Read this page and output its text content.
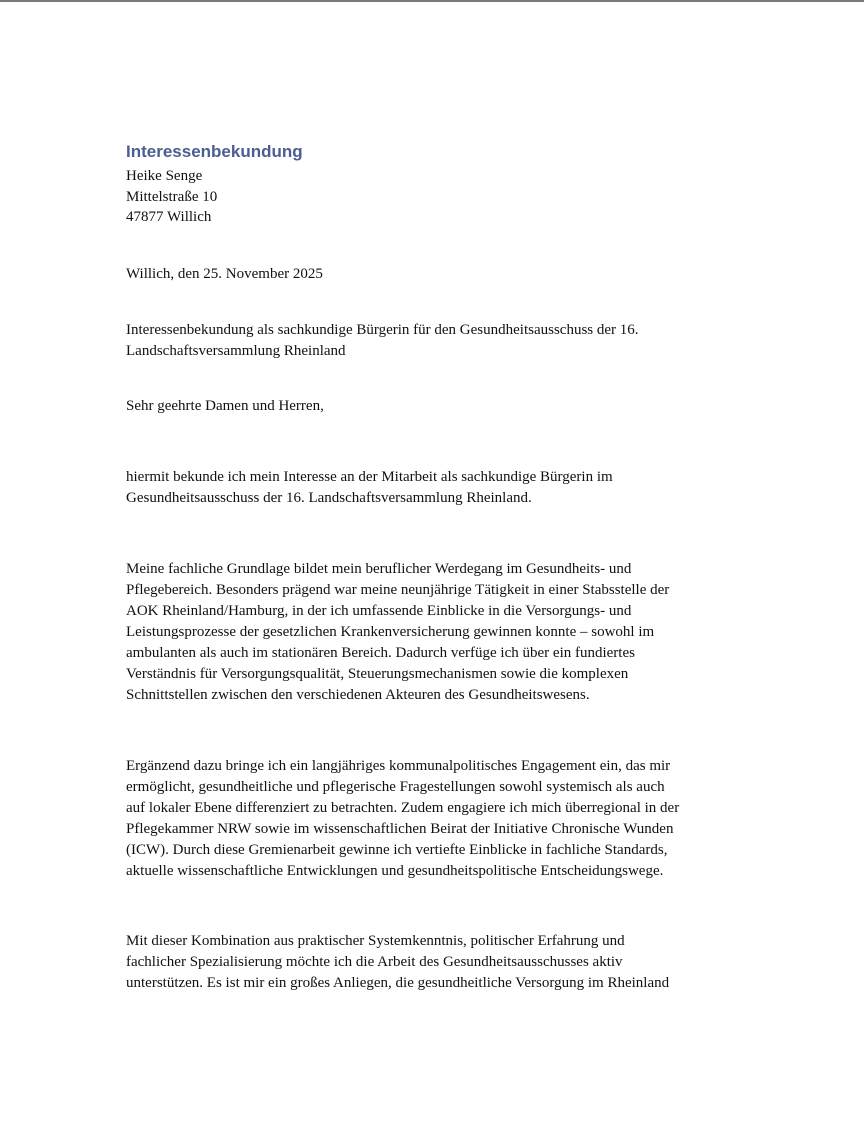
Interessenbekundung

Heike Senge

Mittelstraße 10

47877 Willich

Willich, den 25. November 2025

Interessenbekundung als sachkundige Bürgerin für den Gesundheitsausschuss der 16.

Landschaftsversammlung Rheinland

Sehr geehrte Damen und Herren,

hiermit bekunde ich mein Interesse an der Mitarbeit als sachkundige Bürgerin im

Gesundheitsausschuss der 16. Landschaftsversammlung Rheinland.

Meine fachliche Grundlage bildet mein beruflicher Werdegang im Gesundheits- und

Pflegebereich. Besonders prägend war meine neunjährige Tätigkeit in einer Stabsstelle der

AOK Rheinland/Hamburg, in der ich umfassende Einblicke in die Versorgungs- und

Leistungsprozesse der gesetzlichen Krankenversicherung gewinnen konnte – sowohl im

ambulanten als auch im stationären Bereich. Dadurch verfüge ich über ein fundiertes

Verständnis für Versorgungsqualität, Steuerungsmechanismen sowie die komplexen

Schnittstellen zwischen den verschiedenen Akteuren des Gesundheitswesens.

Ergänzend dazu bringe ich ein langjähriges kommunalpolitisches Engagement ein, das mir

ermöglicht, gesundheitliche und pflegerische Fragestellungen sowohl systemisch als auch

auf lokaler Ebene differenziert zu betrachten. Zudem engagiere ich mich überregional in der

Pflegekammer NRW sowie im wissenschaftlichen Beirat der Initiative Chronische Wunden

(ICW). Durch diese Gremienarbeit gewinne ich vertiefte Einblicke in fachliche Standards,

aktuelle wissenschaftliche Entwicklungen und gesundheitspolitische Entscheidungswege.

Mit dieser Kombination aus praktischer Systemkenntnis, politischer Erfahrung und

fachlicher Spezialisierung möchte ich die Arbeit des Gesundheitsausschusses aktiv

unterstützen. Es ist mir ein großes Anliegen, die gesundheitliche Versorgung im Rheinland
